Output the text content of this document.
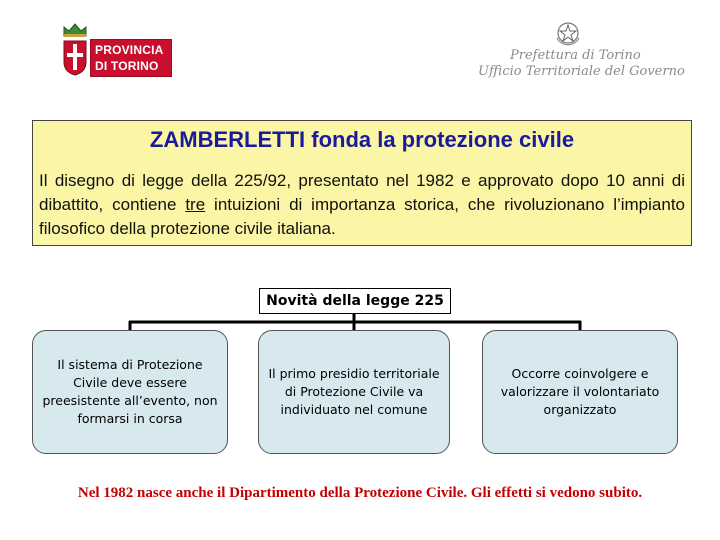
PROVINCIA
DI TORINO
Prefettura di Torino
Ufficio Territoriale del Governo
ZAMBERLETTI fonda la protezione civile
Il disegno di legge della 225/92, presentato nel 1982 e approvato dopo 10 anni di dibattito, contiene tre intuizioni di importanza storica, che rivoluzionano l’impianto filosofico della protezione civile italiana.
Novità della legge 225
Il sistema di Protezione Civile deve essere preesistente all’evento, non formarsi in corsa
Il primo presidio territoriale di Protezione Civile va individuato nel comune
Occorre coinvolgere e valorizzare il volontariato organizzato
Nel 1982 nasce anche il Dipartimento della Protezione Civile. Gli effetti si vedono subito.
